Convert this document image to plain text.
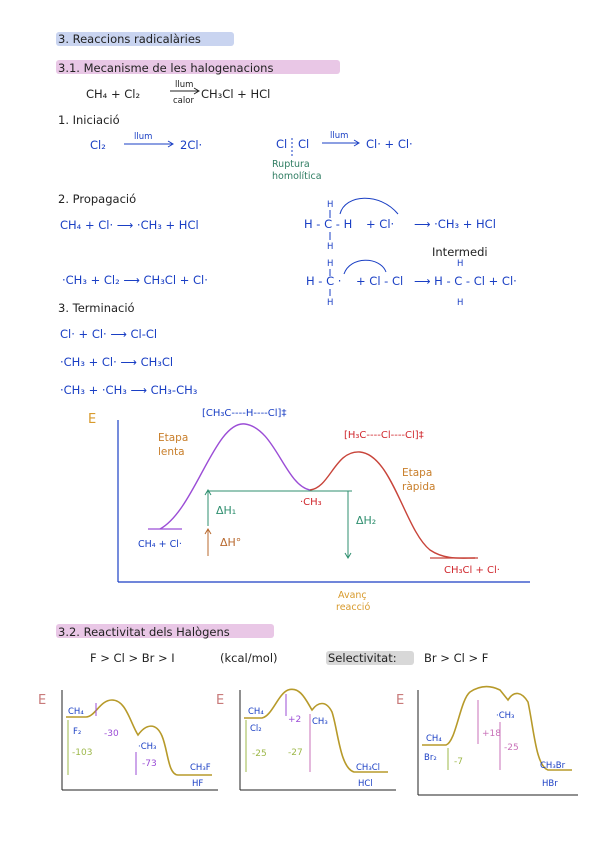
3. Reaccions radicalàries
3.1. Mecanisme de les halogenacions
CH₄ + Cl₂
llum
calor CH₃Cl + HCl
1. Iniciació
Cl₂
llum
2Cl·	Cl Cl
llum
Cl· + Cl·
Ruptura
homolítica
2. Propagació
CH₄ + Cl· ⟶ ·CH₃ + HCl
·CH₃ + Cl₂ ⟶ CH₃Cl + Cl·
H
H - C - H
H
+ Cl· ⟶ ·CH₃ + HCl
Intermedi
H
H - C ·
H
+ Cl - Cl ⟶ H - C - Cl + Cl·
H
H
3. Terminació
Cl· + Cl· ⟶ Cl-Cl
·CH₃ + Cl· ⟶ CH₃Cl
·CH₃ + ·CH₃ ⟶ CH₃-CH₃
E
Avanç
reacció
[CH₃C----H----Cl]‡
[H₃C----Cl----Cl]‡
Etapa
lenta
Etapa
ràpida
ΔH₁
ΔH°
ΔH₂
·CH₃
CH₄ + Cl·
CH₃Cl + Cl·
3.2. Reactivitat dels Halògens
F > Cl > Br > I	(kcal/mol)	Selectivitat: Br > Cl > F
E
CH₄
F₂	-30
-103
·CH₃
-73	CH₃F
HF
E
CH₄
Cl₂
+2 CH₃
-25 -27
CH₃Cl
HCl
E
CH₄
Br₂
+18
-7
·CH₃
-25
CH₃Br
HBr
